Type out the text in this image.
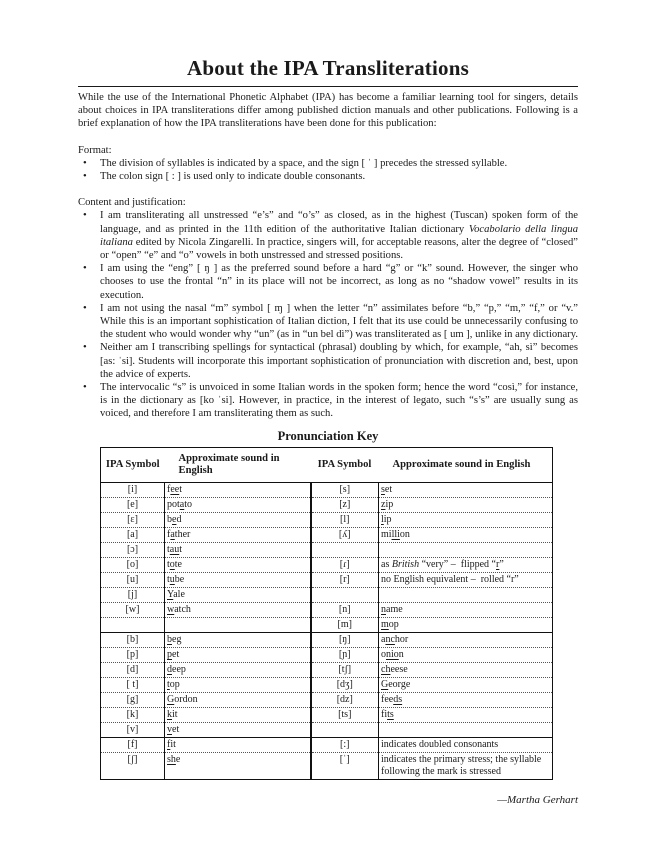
About the IPA Transliterations

While the use of the International Phonetic Alphabet (IPA) has become a familiar learning tool for singers, details about choices in IPA transliterations differ among published diction manuals and other publications. Following is a brief explanation of how the IPA transliterations have been done for this publication:

Format:

•	The division of syllables is indicated by a space, and the sign [ ˈ ] precedes the stressed syllable.
•	The colon sign [ : ] is used only to indicate double consonants.

Content and justification:

•	I am transliterating all unstressed “e’s” and “o’s” as closed, as in the highest (Tuscan) spoken form of the language, and as printed in the 11th edition of the authoritative Italian dictionary Vocabolario della lingua italiana edited by Nicola Zingarelli. In practice, singers will, for acceptable reasons, alter the degree of “closed” or “open” “e” and “o” vowels in both unstressed and stressed positions.
•	I am using the “eng” [ ŋ ] as the preferred sound before a hard “g” or “k” sound. However, the singer who chooses to use the frontal “n” in its place will not be incorrect, as long as no “shadow vowel” results in its execution.
•	I am not using the nasal “m” symbol [ ɱ ] when the letter “n” assimilates before “b,” “p,” “m,” “f,” or “v.” While this is an important sophistication of Italian diction, I felt that its use could be unnecessarily confusing to the student who would wonder why “un” (as in “un bel dì”) was transliterated as [ um ], unlike in any dictionary.
•	Neither am I transcribing spellings for syntactical (phrasal) doubling by which, for example, “ah, sì” becomes [as: ˈsi]. Students will incorporate this important sophistication of pronunciation with discretion and, best, upon the advice of experts.
•	The intervocalic “s” is unvoiced in some Italian words in the spoken form; hence the word “così,” for instance, is in the dictionary as [ko ˈsi]. However, in practice, in the interest of legato, such “s’s” are usually sung as voiced, and therefore I am transliterating them as such.
Pronunciation Key
IPA Symbol	Approximate sound in English	IPA Symbol	Approximate sound in English
[i]	feet	[s]	set
[e]	potato	[z]	zip
[ɛ]	bed	[l]	lip
[a]	father	[ʎ]	million
[ɔ]	taut		
[o]	tote	[ɾ]	as British “very” –  flipped “r”
[u]	tube	[r]	no English equivalent –  rolled “r”
[j]	Yale		
[w]	watch	[n]	name
		[m]	mop
[b]	beg	[ŋ]	anchor
[p]	pet	[ɲ]	onion
[d]	deep	[tʃ]	cheese
[ t]	top	[dʒ]	George
[g]	Gordon	[dz]	feeds
[k]	kit	[ts]	fits
[v]	vet		
[f]	fit	[:]	indicates doubled consonants
[ʃ]	she	[ˈ]	indicates the primary stress; the syllable following the mark is stressed
—Martha Gerhart
